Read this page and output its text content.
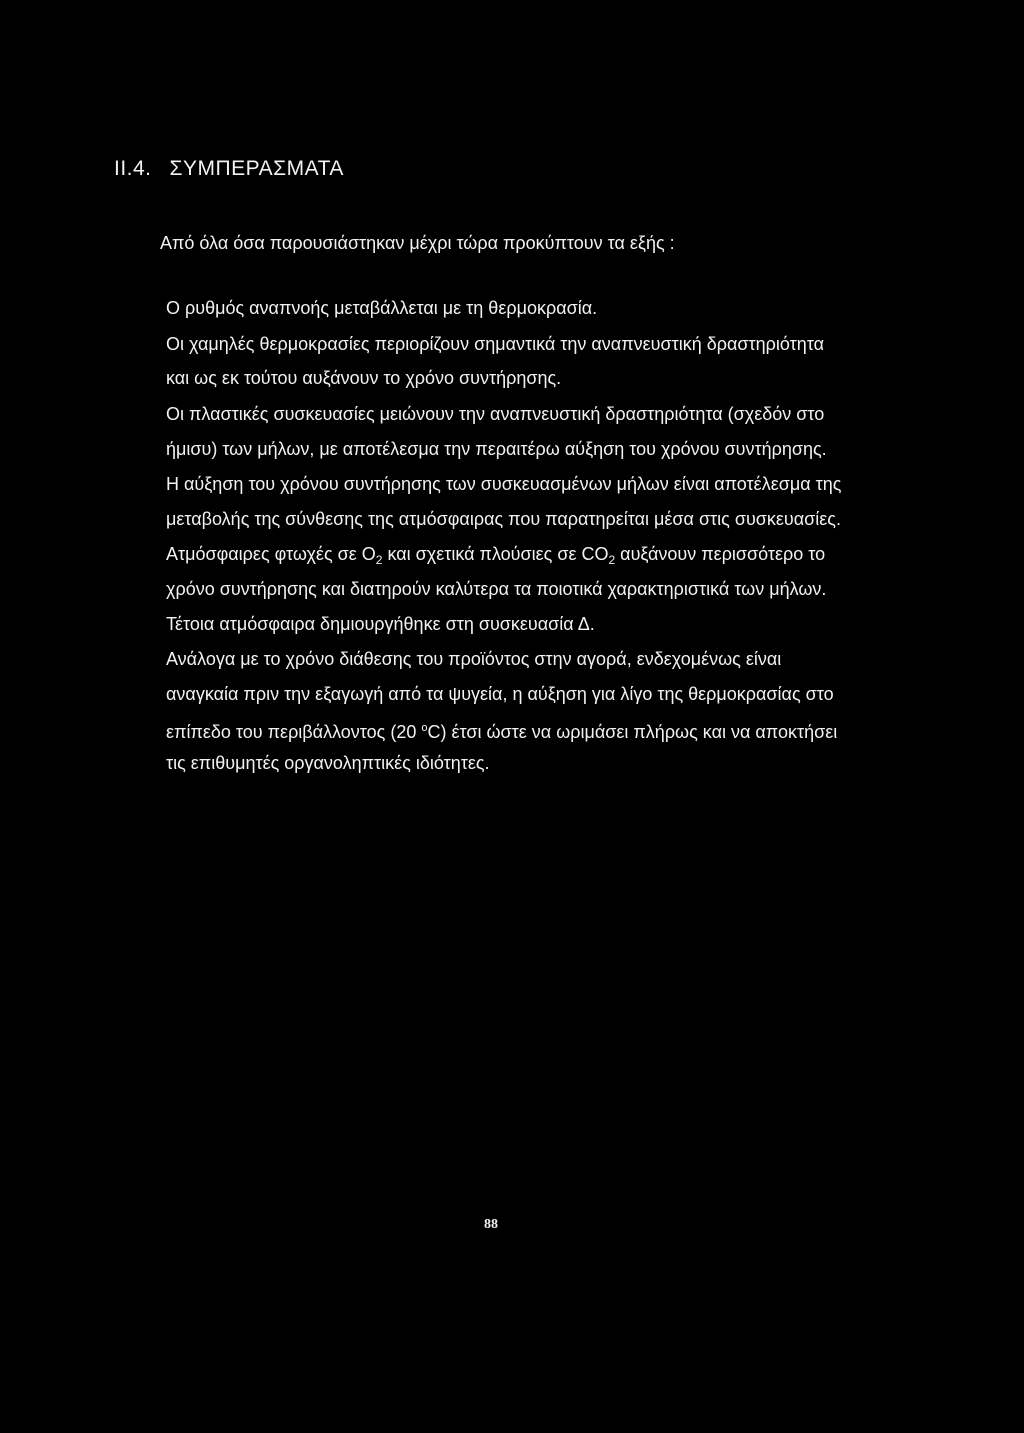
II.4. ΣΥΜΠΕΡΑΣΜΑΤΑ
Από όλα όσα παρουσιάστηκαν μέχρι τώρα προκύπτουν τα εξής :
Ο ρυθμός αναπνοής μεταβάλλεται με τη θερμοκρασία.
Οι χαμηλές θερμοκρασίες περιορίζουν σημαντικά την αναπνευστική δραστηριότητα
και ως εκ τούτου αυξάνουν το χρόνο συντήρησης.
Οι πλαστικές συσκευασίες μειώνουν την αναπνευστική δραστηριότητα (σχεδόν στο
ήμισυ) των μήλων, με αποτέλεσμα την περαιτέρω αύξηση του χρόνου συντήρησης.
Η αύξηση του χρόνου συντήρησης των συσκευασμένων μήλων είναι αποτέλεσμα της
μεταβολής της σύνθεσης της ατμόσφαιρας που παρατηρείται μέσα στις συσκευασίες.
Ατμόσφαιρες φτωχές σε $O_2$ και σχετικά πλούσιες σε $CO_2$ αυξάνουν περισσότερο το
χρόνο συντήρησης και διατηρούν καλύτερα τα ποιοτικά χαρακτηριστικά των μήλων.
Τέτοια ατμόσφαιρα δημιουργήθηκε στη συσκευασία Δ.
Ανάλογα με το χρόνο διάθεσης του προϊόντος στην αγορά, ενδεχομένως είναι
αναγκαία πριν την εξαγωγή από τα ψυγεία, η αύξηση για λίγο της θερμοκρασίας στο
επίπεδο του περιβάλλοντος (20 $^o$C) έτσι ώστε να ωριμάσει πλήρως και να αποκτήσει
τις επιθυμητές οργανοληπτικές ιδιότητες.
88
